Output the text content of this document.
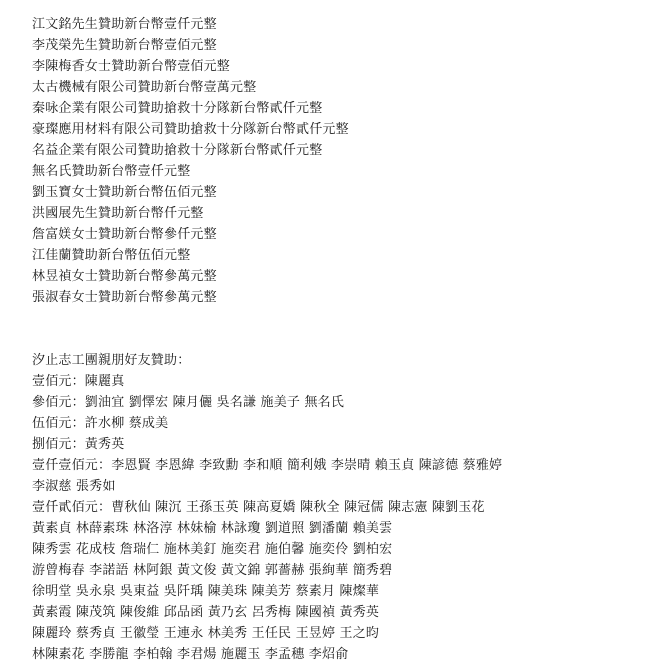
江文銘先生贊助新台幣壹仟元整
李茂榮先生贊助新台幣壹佰元整
李陳梅香女士贊助新台幣壹佰元整
太古機械有限公司贊助新台幣壹萬元整
秦咏企業有限公司贊助搶救十分隊新台幣貳仟元整
豪璨應用材料有限公司贊助搶救十分隊新台幣貳仟元整
名益企業有限公司贊助搶救十分隊新台幣貳仟元整
無名氏贊助新台幣壹仟元整
劉玉寶女士贊助新台幣伍佰元整
洪國展先生贊助新台幣仟元整
詹富媄女士贊助新台幣參仟元整
江佳蘭贊助新台幣伍佰元整
林昱禎女士贊助新台幣參萬元整
張淑春女士贊助新台幣參萬元整
汐止志工團親朋好友贊助：
壹佰元：陳麗真
參佰元：劉油宜 劉懌宏 陳月儷 吳名謙 施美子 無名氏
伍佰元：許水柳 蔡成美
捌佰元：黃秀英
壹仟壹佰元：李恩賢 李恩緯 李致勳 李和順 簡利娥 李崇晴 賴玉貞 陳諺德 蔡雅婷
李淑慈 張秀如
壹仟貳佰元：曹秋仙 陳沉 王孫玉英 陳高夏嬌 陳秋全 陳冠儒 陳志憲 陳劉玉花
黃素貞 林薛素珠 林洛淳 林妹榆 林詠瓊 劉道照 劉潘蘭 賴美雲
陳秀雲 花成枝 詹瑞仁 施林美釘 施奕君 施伯馨 施奕伶 劉柏宏
游曾梅春 李諾語 林阿銀 黃文俊 黃文錦 郭薔赫 張絢華 簡秀碧
徐明堂 吳永泉 吳東益 吳阡瑀 陳美珠 陳美芳 蔡素月 陳燦華
黃素霞 陳茂筑 陳俊維 邱品函 黃乃玄 呂秀梅 陳國禎 黃秀英
陳麗玲 蔡秀貞 王徽瑩 王連永 林美秀 王任民 王昱婷 王之昀
林陳素花 李勝龍 李柏翰 李君煬 施麗玉 李孟穗 李炤俞
